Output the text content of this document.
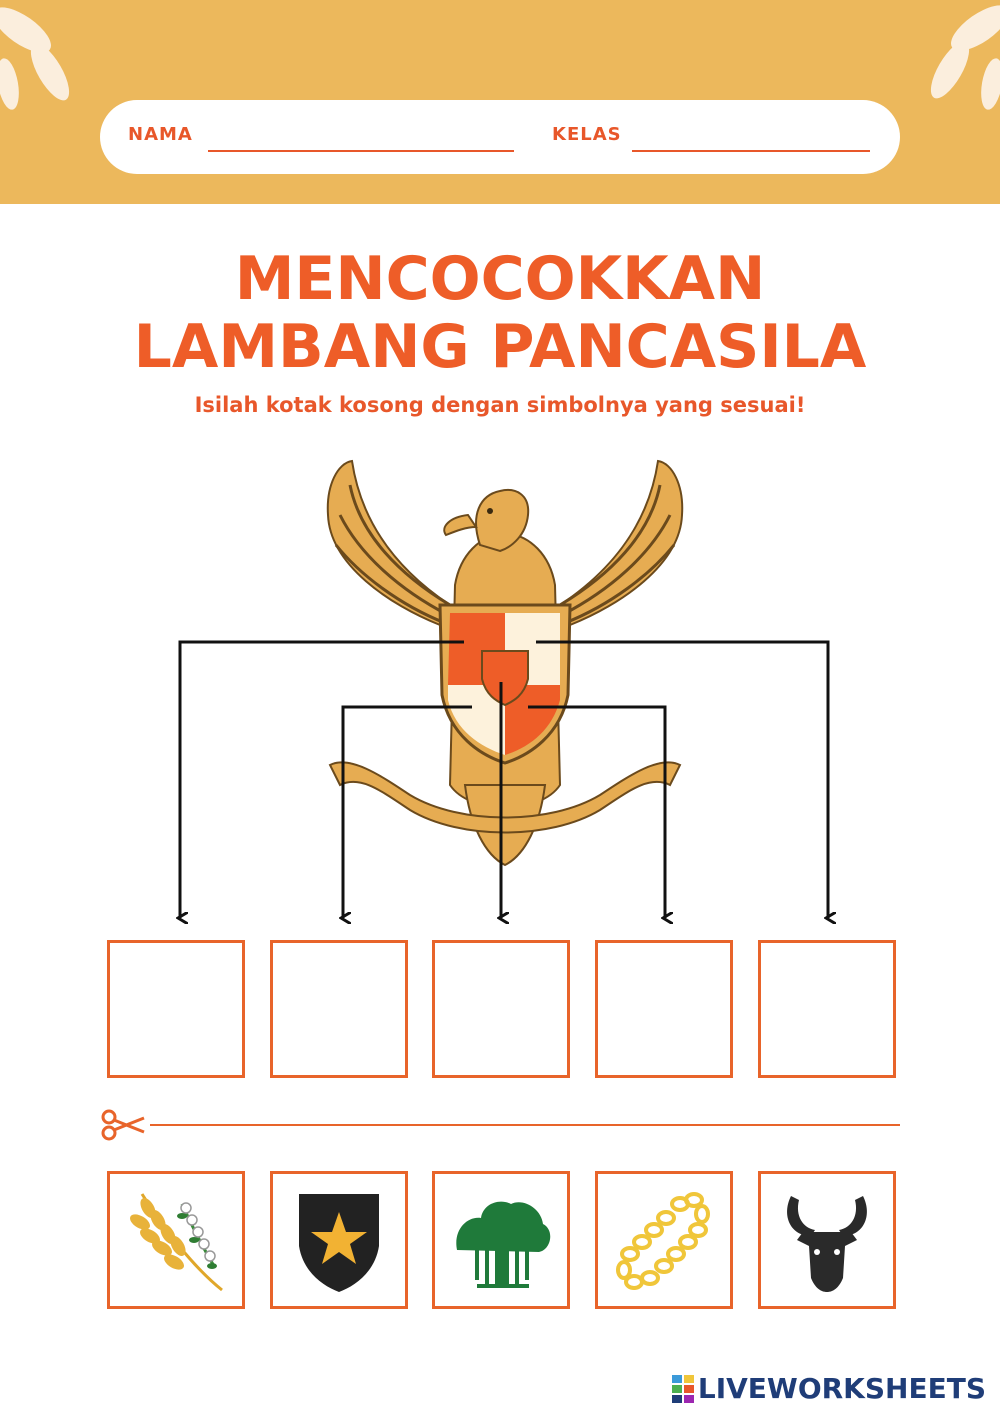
NAMA	KELAS
MENCOCOKKAN
LAMBANG PANCASILA
Isilah kotak kosong dengan simbolnya yang sesuai!
LIVEWORKSHEETS
